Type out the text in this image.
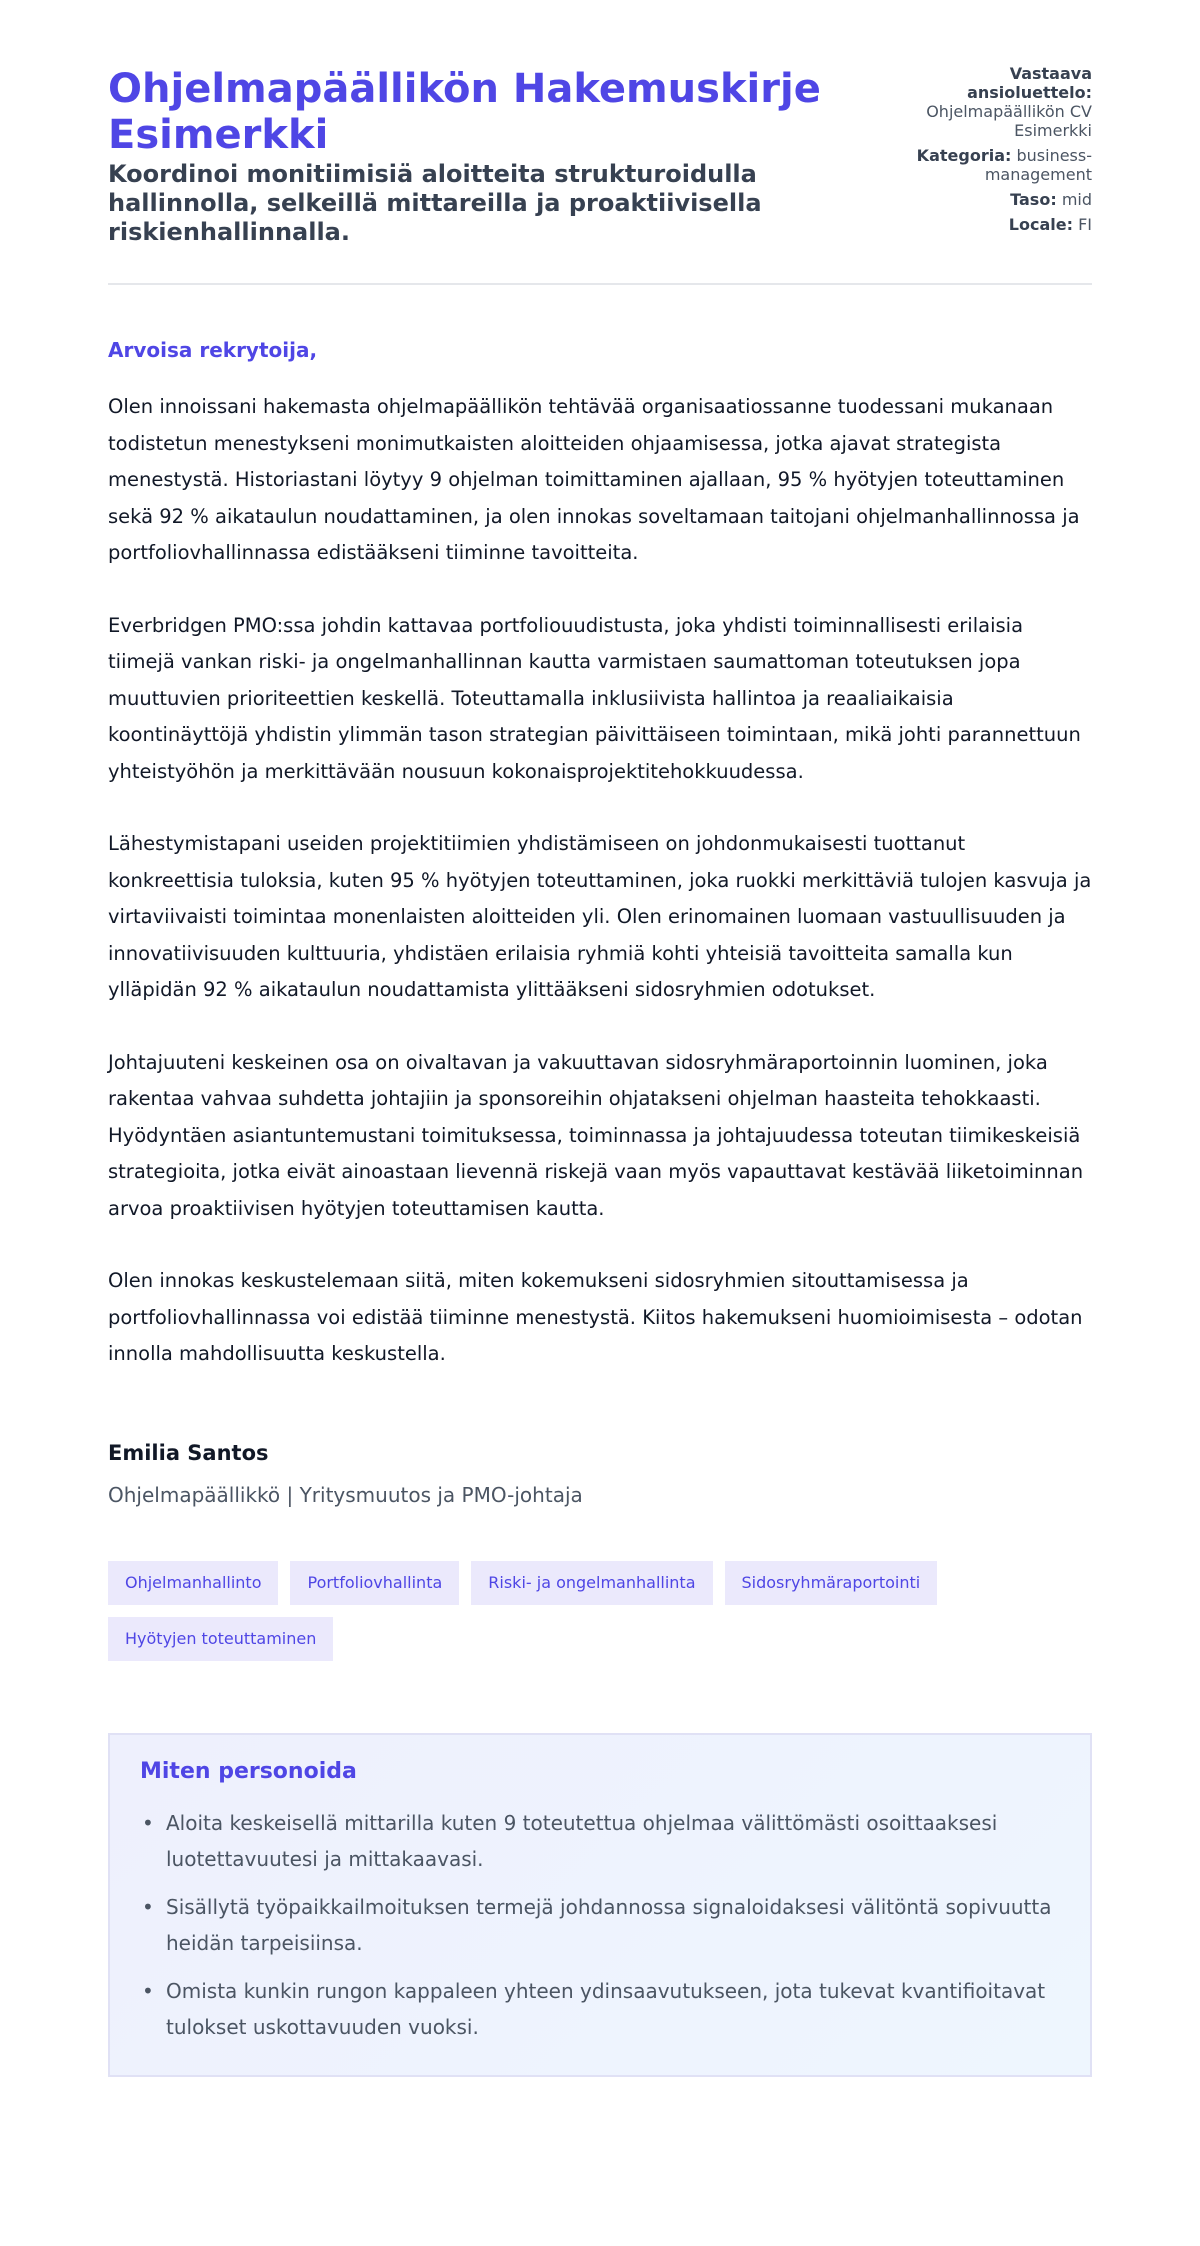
Ohjelmapäällikön Hakemuskirje Esimerkki
Koordinoi monitiimisiä aloitteita strukturoidulla hallinnolla, selkeillä mittareilla ja proaktiivisella riskienhallinnalla.
Vastaava ansioluettelo: Ohjelmapäällikön CV Esimerkki
Kategoria: business-management
Taso: mid
Locale: FI

Arvoisa rekrytoija,

Olen innoissani hakemasta ohjelmapäällikön tehtävää organisaatiossanne tuodessani mukanaan todistetun menestykseni monimutkaisten aloitteiden ohjaamisessa, jotka ajavat strategista menestystä. Historiastani löytyy 9 ohjelman toimittaminen ajallaan, 95 % hyötyjen toteuttaminen sekä 92 % aikataulun noudattaminen, ja olen innokas soveltamaan taitojani ohjelmanhallinnossa ja portfoliovhallinnassa edistääkseni tiiminne tavoitteita.

Everbridgen PMO:ssa johdin kattavaa portfoliouudistusta, joka yhdisti toiminnallisesti erilaisia tiimejä vankan riski- ja ongelmanhallinnan kautta varmistaen saumattoman toteutuksen jopa muuttuvien prioriteettien keskellä. Toteuttamalla inklusiivista hallintoa ja reaaliaikaisia koontinäyttöjä yhdistin ylimmän tason strategian päivittäiseen toimintaan, mikä johti parannettuun yhteistyöhön ja merkittävään nousuun kokonaisprojektitehokkuudessa.

Lähestymistapani useiden projektitiimien yhdistämiseen on johdonmukaisesti tuottanut konkreettisia tuloksia, kuten 95 % hyötyjen toteuttaminen, joka ruokki merkittäviä tulojen kasvuja ja virtaviivaisti toimintaa monenlaisten aloitteiden yli. Olen erinomainen luomaan vastuullisuuden ja innovatiivisuuden kulttuuria, yhdistäen erilaisia ryhmiä kohti yhteisiä tavoitteita samalla kun ylläpidän 92 % aikataulun noudattamista ylittääkseni sidosryhmien odotukset.

Johtajuuteni keskeinen osa on oivaltavan ja vakuuttavan sidosryhmäraportoinnin luominen, joka rakentaa vahvaa suhdetta johtajiin ja sponsoreihin ohjatakseni ohjelman haasteita tehokkaasti. Hyödyntäen asiantuntemustani toimituksessa, toiminnassa ja johtajuudessa toteutan tiimikeskeisiä strategioita, jotka eivät ainoastaan lievennä riskejä vaan myös vapauttavat kestävää liiketoiminnan arvoa proaktiivisen hyötyjen toteuttamisen kautta.

Olen innokas keskustelemaan siitä, miten kokemukseni sidosryhmien sitouttamisessa ja portfoliovhallinnassa voi edistää tiiminne menestystä. Kiitos hakemukseni huomioimisesta – odotan innolla mahdollisuutta keskustella.

Emilia Santos
Ohjelmapäällikkö | Yritysmuutos ja PMO-johtaja
Ohjelmanhallinto	Portfoliovhallinta	Riski- ja ongelmanhallinta	Sidosryhmäraportointi
Hyötyjen toteuttaminen
Miten personoida
• Aloita keskeisellä mittarilla kuten 9 toteutettua ohjelmaa välittömästi osoittaaksesi luotettavuutesi ja mittakaavasi.
• Sisällytä työpaikkailmoituksen termejä johdannossa signaloidaksesi välitöntä sopivuutta heidän tarpeisiinsa.
• Omista kunkin rungon kappaleen yhteen ydinsaavutukseen, jota tukevat kvantifioitavat tulokset uskottavuuden vuoksi.
